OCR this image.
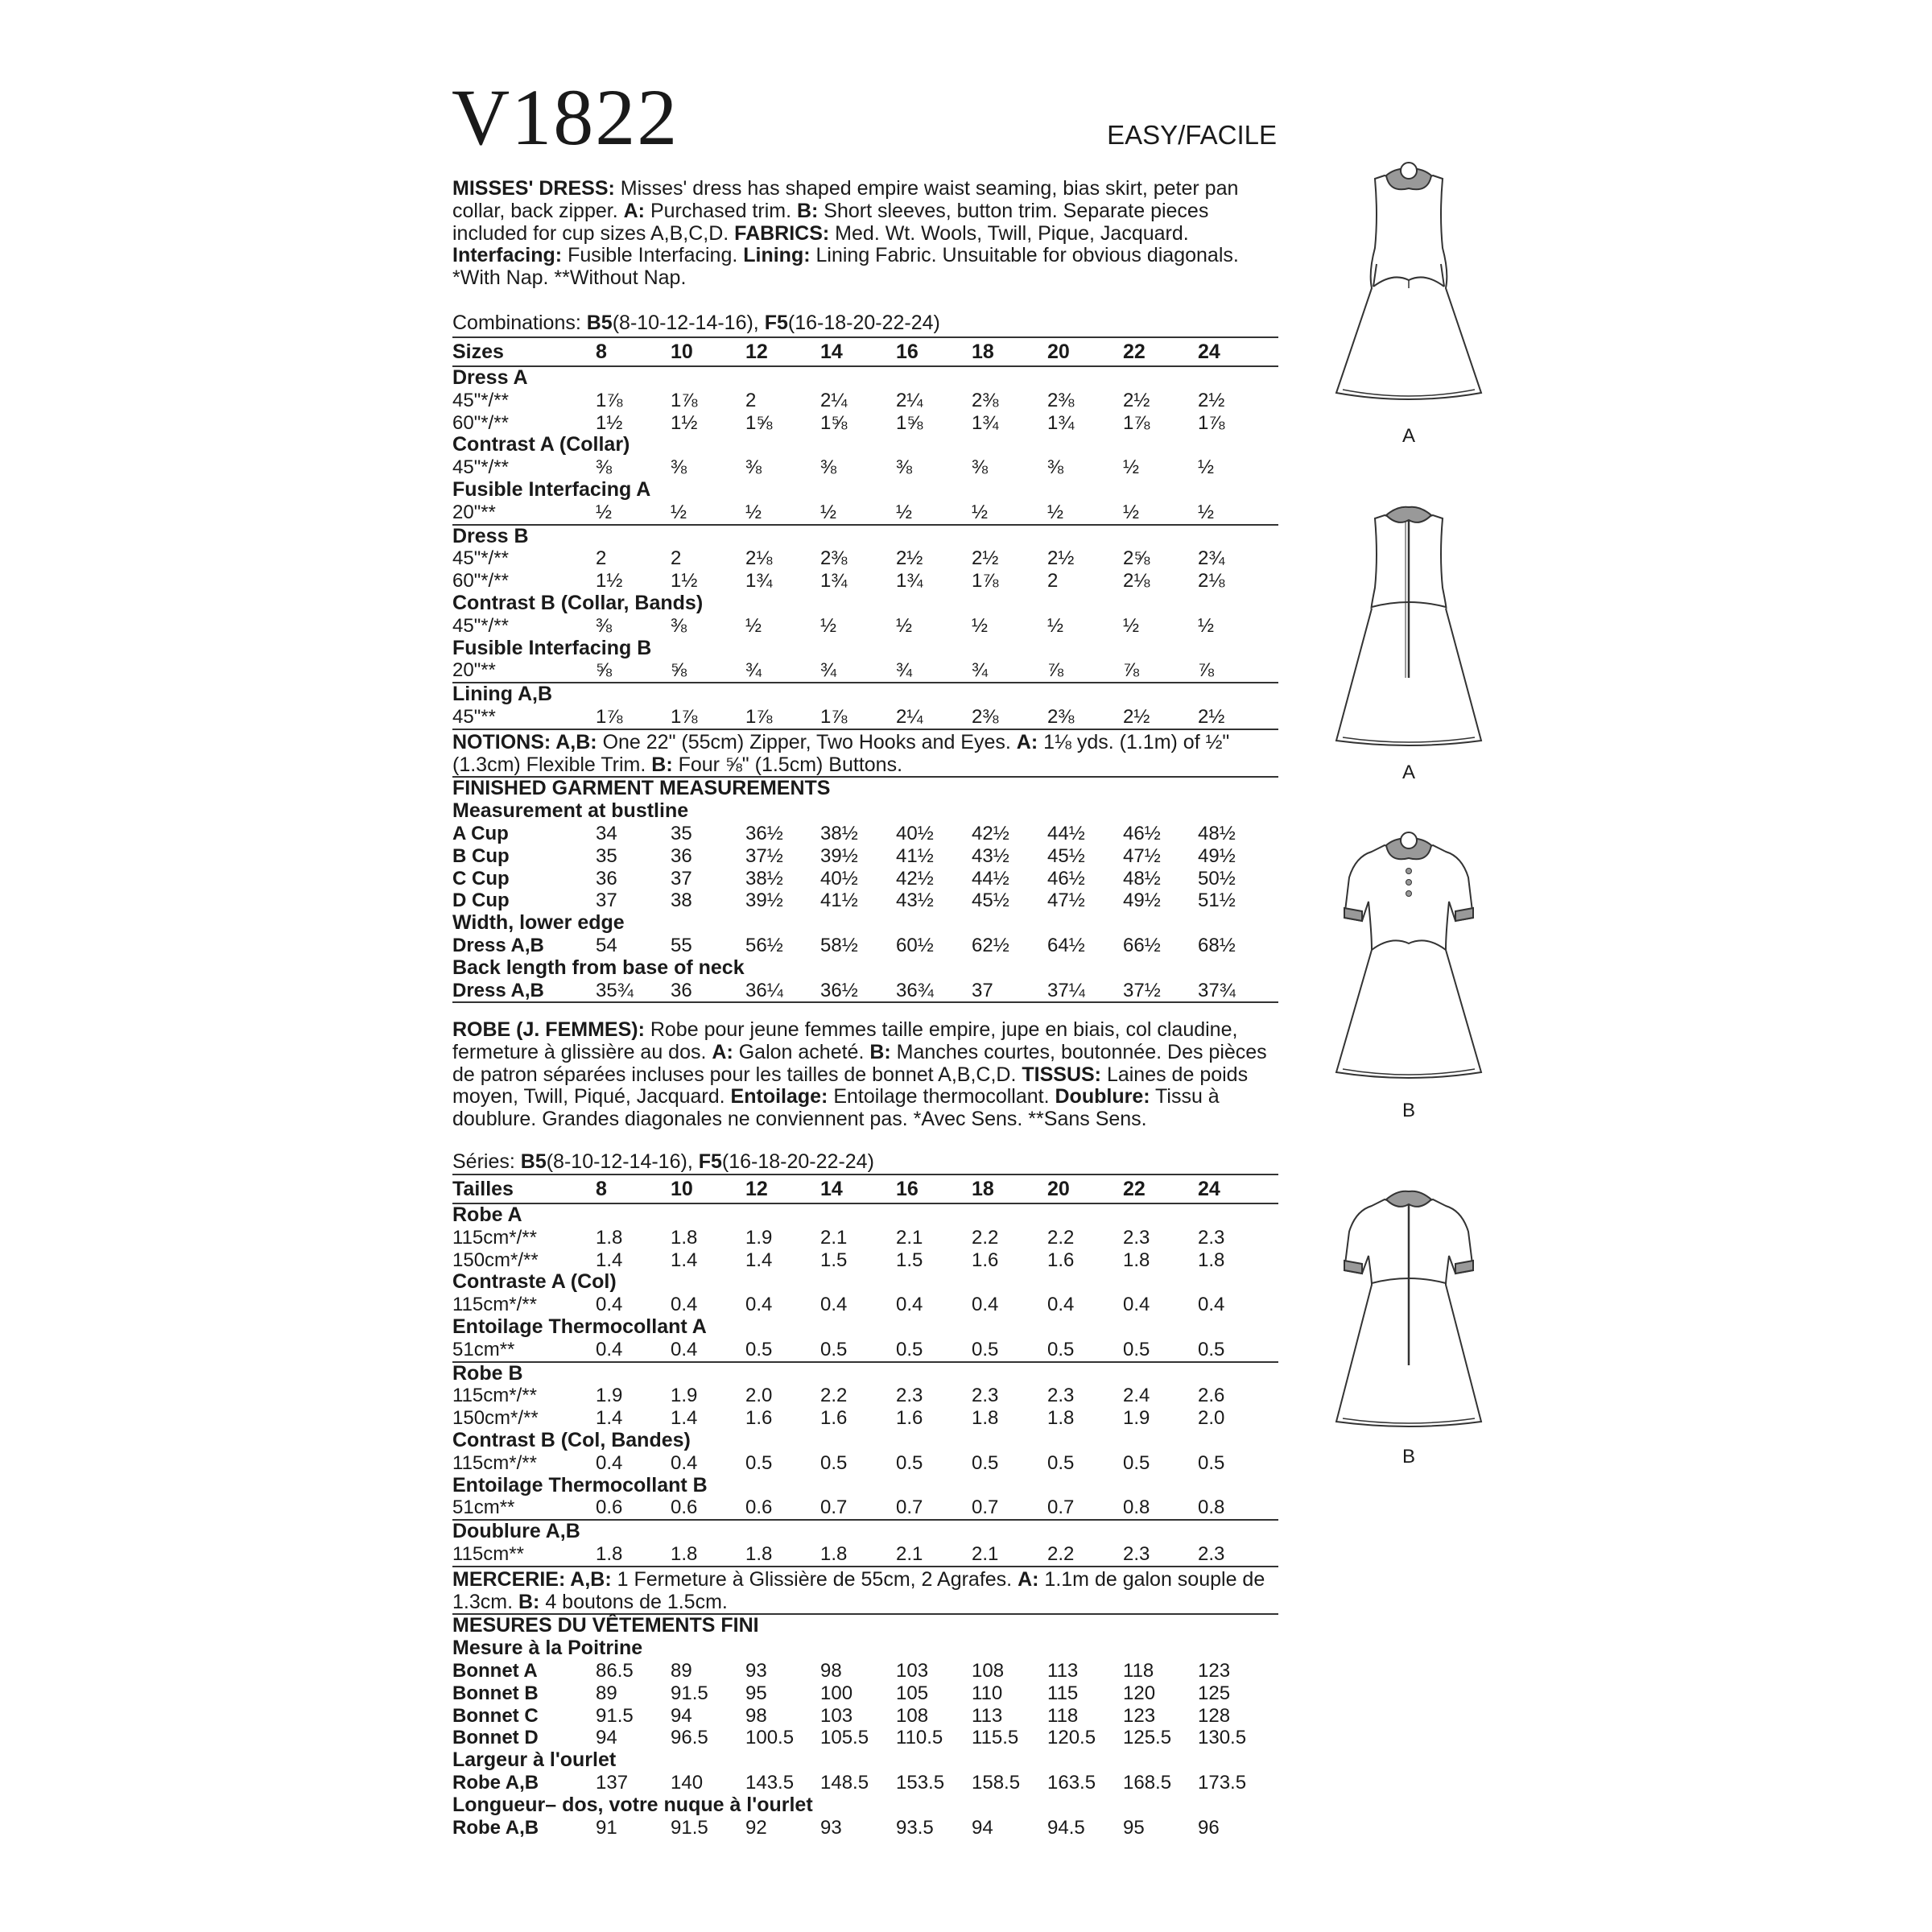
V1822	EASY/FACILE
MISSES' DRESS: Misses' dress has shaped empire waist seaming, bias skirt, peter pan collar, back zipper. A: Purchased trim. B: Short sleeves, button trim. Separate pieces included for cup sizes A,B,C,D. FABRICS: Med. Wt. Wools, Twill, Pique, Jacquard. Interfacing: Fusible Interfacing. Lining: Lining Fabric. Unsuitable for obvious diagonals. *With Nap. **Without Nap.
Combinations: B5(8-10-12-14-16), F5(16-18-20-22-24)
Sizes	8	10	12	14	16	18	20	22	24
Dress A
45"*/**	1⅞ 1⅞ 2	2¼	2¼	2⅜	2⅜	2½ 2½
60"*/**	1½ 1½ 1⅝ 1⅝	1⅝	1¾	1¾	1⅞ 1⅞
Contrast A (Collar)
45"*/**	⅜	⅜	⅜	⅜	⅜	⅜	⅜	½	½
Fusible Interfacing A
20"**	½	½	½	½	½	½	½	½	½
Dress B
45"*/**	2	2	2⅛ 2⅜	2½	2½	2½	2⅝ 2¾
60"*/**	1½ 1½ 1¾ 1¾	1¾	1⅞	2	2⅛ 2⅛
Contrast B (Collar, Bands)
45"*/**	⅜	⅜	½	½	½	½	½	½	½
Fusible Interfacing B
20"**	⅝	⅝	¾	¾	¾	¾	⅞	⅞	⅞
Lining A,B
45"**	1⅞ 1⅞ 1⅞ 1⅞	2¼	2⅜	2⅜	2½ 2½
NOTIONS: A,B: One 22" (55cm) Zipper, Two Hooks and Eyes. A: 1⅛ yds. (1.1m) of ½" (1.3cm) Flexible Trim. B: Four ⅝" (1.5cm) Buttons.
FINISHED GARMENT MEASUREMENTS
Measurement at bustline
A Cup	34	35	36½ 38½ 40½ 42½ 44½ 46½ 48½
B Cup	35	36	37½ 39½ 41½ 43½ 45½ 47½ 49½
C Cup	36	37	38½ 40½ 42½ 44½ 46½ 48½ 50½
D Cup	37	38	39½ 41½ 43½ 45½ 47½ 49½ 51½
Width, lower edge
Dress A,B	54	55	56½ 58½ 60½ 62½ 64½ 66½ 68½
Back length from base of neck
Dress A,B	35¾ 36	36¼ 36½ 36¾ 37	37¼ 37½ 37¾
ROBE (J. FEMMES): Robe pour jeune femmes taille empire, jupe en biais, col claudine, fermeture à glissière au dos. A: Galon acheté. B: Manches courtes, boutonnée. Des pièces de patron séparées incluses pour les tailles de bonnet A,B,C,D. TISSUS: Laines de poids moyen, Twill, Piqué, Jacquard. Entoilage: Entoilage thermocollant. Doublure: Tissu à doublure. Grandes diagonales ne conviennent pas. *Avec Sens. **Sans Sens.
Séries: B5(8-10-12-14-16), F5(16-18-20-22-24)
Tailles	8	10	12	14	16	18	20	22	24
Robe A
115cm*/**	1.8 1.8 1.9 2.1	2.1	2.2	2.2	2.3 2.3
150cm*/**	1.4 1.4 1.4 1.5	1.5	1.6	1.6	1.8 1.8
Contraste A (Col)
115cm*/**	0.4 0.4 0.4 0.4	0.4	0.4	0.4	0.4 0.4
Entoilage Thermocollant A
51cm**	0.4 0.4 0.5 0.5	0.5	0.5	0.5	0.5 0.5
Robe B
115cm*/**	1.9 1.9 2.0 2.2	2.3	2.3	2.3	2.4 2.6
150cm*/**	1.4 1.4 1.6 1.6	1.6	1.8	1.8	1.9 2.0
Contrast B (Col, Bandes)
115cm*/**	0.4 0.4 0.5 0.5	0.5	0.5	0.5	0.5 0.5
Entoilage Thermocollant B
51cm**	0.6 0.6 0.6 0.7	0.7	0.7	0.7	0.8 0.8
Doublure A,B
115cm**	1.8 1.8 1.8 1.8	2.1	2.1	2.2	2.3 2.3
MERCERIE: A,B: 1 Fermeture à Glissière de 55cm, 2 Agrafes. A: 1.1m de galon souple de 1.3cm. B: 4 boutons de 1.5cm.
MESURES DU VÊTEMENTS FINI
Mesure à la Poitrine
Bonnet A	86.5 89	93	98	103 108 113 118 123
Bonnet B	89	91.5 95	100 105 110 115 120 125
Bonnet C	91.5 94	98	103 108 113 118 123 128
Bonnet D	94	96.5 100.5 105.5 110.5 115.5 120.5 125.5 130.5
Largeur à l'ourlet
Robe A,B	137 140 143.5 148.5 153.5 158.5 163.5 168.5 173.5
Longueur– dos, votre nuque à l'ourlet
Robe A,B	91	91.5 92	93	93.5 94	94.5 95	96
A
A
B
B
